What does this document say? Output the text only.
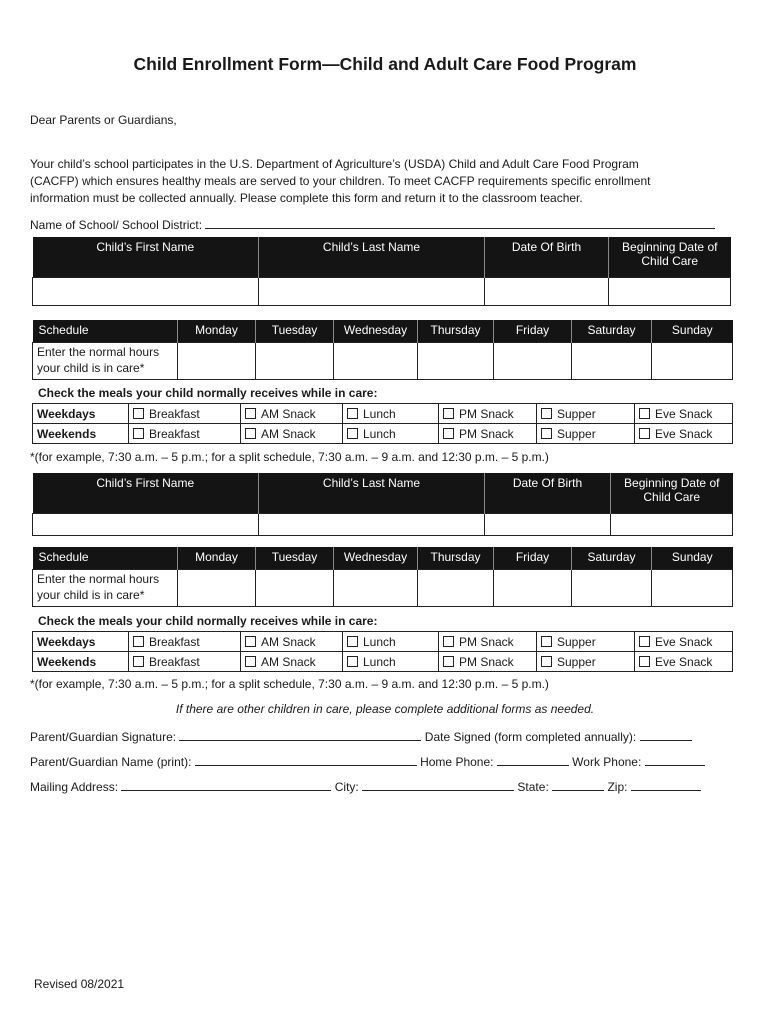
Child Enrollment Form—Child and Adult Care Food Program
Dear Parents or Guardians,
Your child’s school participates in the U.S. Department of Agriculture’s (USDA) Child and Adult Care Food Program (CACFP) which ensures healthy meals are served to your children. To meet CACFP requirements specific enrollment information must be collected annually. Please complete this form and return it to the classroom teacher.
Name of School/ School District:
Child’s First Name	Child’s Last Name	Date Of Birth	Beginning Date of Child Care

Schedule	Monday	Tuesday	Wednesday	Thursday	Friday	Saturday	Sunday
Enter the normal hours your child is in care*							
Check the meals your child normally receives while in care:
Weekdays	Breakfast	AM Snack	Lunch	PM Snack	Supper	Eve Snack
Weekends	Breakfast	AM Snack	Lunch	PM Snack	Supper	Eve Snack
*(for example, 7:30 a.m. – 5 p.m.; for a split schedule, 7:30 a.m. – 9 a.m. and 12:30 p.m. – 5 p.m.)
Child’s First Name	Child’s Last Name	Date Of Birth	Beginning Date of Child Care

Schedule	Monday	Tuesday	Wednesday	Thursday	Friday	Saturday	Sunday
Enter the normal hours your child is in care*							
Check the meals your child normally receives while in care:
Weekdays	Breakfast	AM Snack	Lunch	PM Snack	Supper	Eve Snack
Weekends	Breakfast	AM Snack	Lunch	PM Snack	Supper	Eve Snack
*(for example, 7:30 a.m. – 5 p.m.; for a split schedule, 7:30 a.m. – 9 a.m. and 12:30 p.m. – 5 p.m.)
If there are other children in care, please complete additional forms as needed.
Parent/Guardian Signature:	Date Signed (form completed annually):
Parent/Guardian Name (print):	Home Phone:	Work Phone:
Mailing Address:	City:	State:	Zip:
Revised 08/2021
